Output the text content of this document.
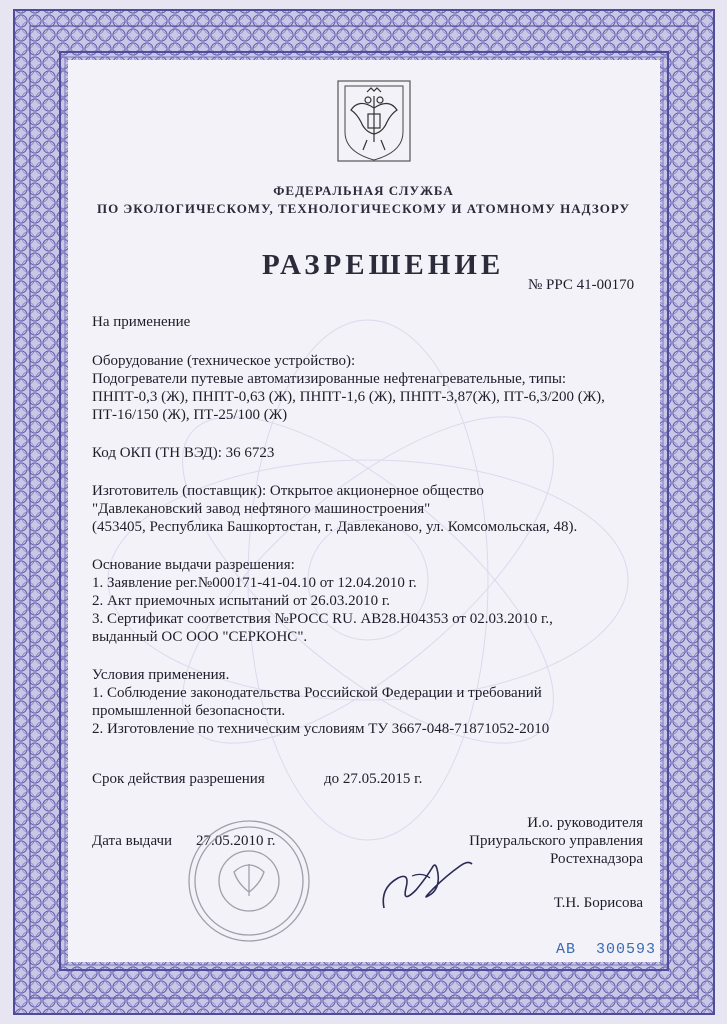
ФЕДЕРАЛЬНАЯ СЛУЖБА
ПО ЭКОЛОГИЧЕСКОМУ, ТЕХНОЛОГИЧЕСКОМУ И АТОМНОМУ НАДЗОРУ
РАЗРЕШЕНИЕ
№ РРС 41-00170
На применение
Оборудование (техническое устройство):
Подогреватели путевые автоматизированные нефтенагревательные, типы:
ПНПТ-0,3 (Ж), ПНПТ-0,63 (Ж), ПНПТ-1,6 (Ж), ПНПТ-3,87(Ж), ПТ-6,3/200 (Ж),
ПТ-16/150 (Ж), ПТ-25/100 (Ж)
Код ОКП (ТН ВЭД): 36 6723
Изготовитель (поставщик): Открытое акционерное общество
"Давлекановский завод нефтяного машиностроения"
(453405, Республика Башкортостан, г. Давлеканово, ул. Комсомольская, 48).
Основание выдачи разрешения:
1. Заявление рег.№000171-41-04.10 от 12.04.2010 г.
2. Акт приемочных испытаний от 26.03.2010 г.
3. Сертификат соответствия №РОСС RU. АВ28.Н04353 от 02.03.2010 г.,
выданный ОС ООО "СЕРКОНС".
Условия применения.
1. Соблюдение законодательства Российской Федерации и требований
промышленной безопасности.
2. Изготовление по техническим условиям ТУ 3667-048-71871052-2010
Срок действия разрешения	до 27.05.2015 г.
И.о. руководителя
Приуральского управления
Ростехнадзора
Дата выдачи 27.05.2010 г.
Т.Н. Борисова
АВ 300593
